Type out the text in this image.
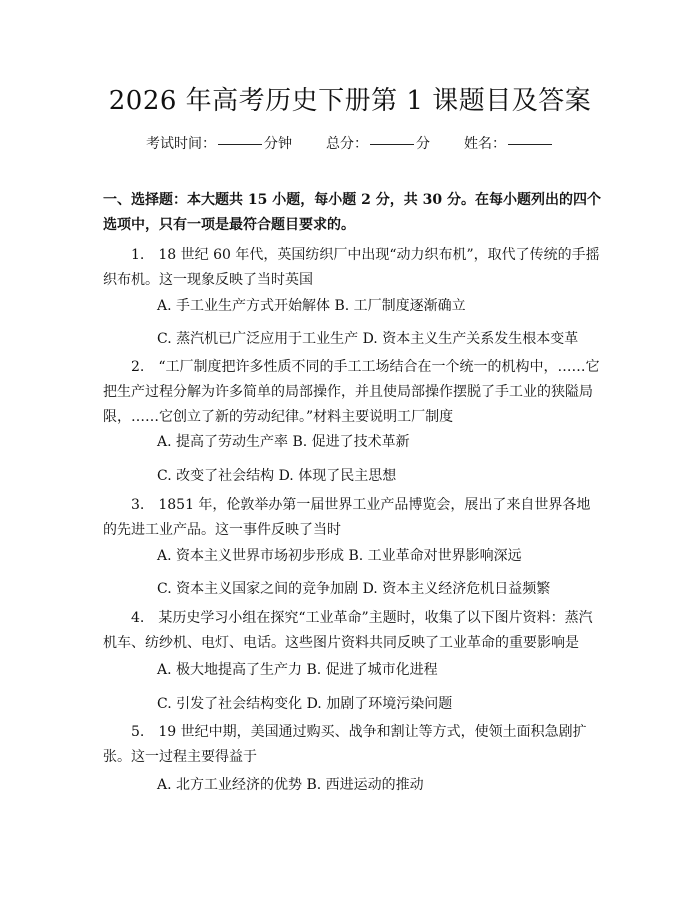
2026 年高考历史下册第 1 课题目及答案
考试时间：	分钟 总分：	分 姓名：
一、选择题：本大题共 15 小题，每小题 2 分，共 30 分。在每小题列出的四个选项中，只有一项是最符合题目要求的。
1.　18 世纪 60 年代，英国纺织厂中出现“动力织布机”，取代了传统的手摇织布机。这一现象反映了当时英国
A. 手工业生产方式开始解体 B. 工厂制度逐渐确立
C. 蒸汽机已广泛应用于工业生产 D. 资本主义生产关系发生根本变革
2.　“工厂制度把许多性质不同的手工工场结合在一个统一的机构中，……它把生产过程分解为许多简单的局部操作，并且使局部操作摆脱了手工业的狭隘局限，……它创立了新的劳动纪律。”材料主要说明工厂制度
A. 提高了劳动生产率 B. 促进了技术革新
C. 改变了社会结构 D. 体现了民主思想
3.　1851 年，伦敦举办第一届世界工业产品博览会，展出了来自世界各地的先进工业产品。这一事件反映了当时
A. 资本主义世界市场初步形成 B. 工业革命对世界影响深远
C. 资本主义国家之间的竞争加剧 D. 资本主义经济危机日益频繁
4.　某历史学习小组在探究“工业革命”主题时，收集了以下图片资料：蒸汽机车、纺纱机、电灯、电话。这些图片资料共同反映了工业革命的重要影响是
A. 极大地提高了生产力 B. 促进了城市化进程
C. 引发了社会结构变化 D. 加剧了环境污染问题
5.　19 世纪中期，美国通过购买、战争和割让等方式，使领土面积急剧扩张。这一过程主要得益于
A. 北方工业经济的优势 B. 西进运动的推动
